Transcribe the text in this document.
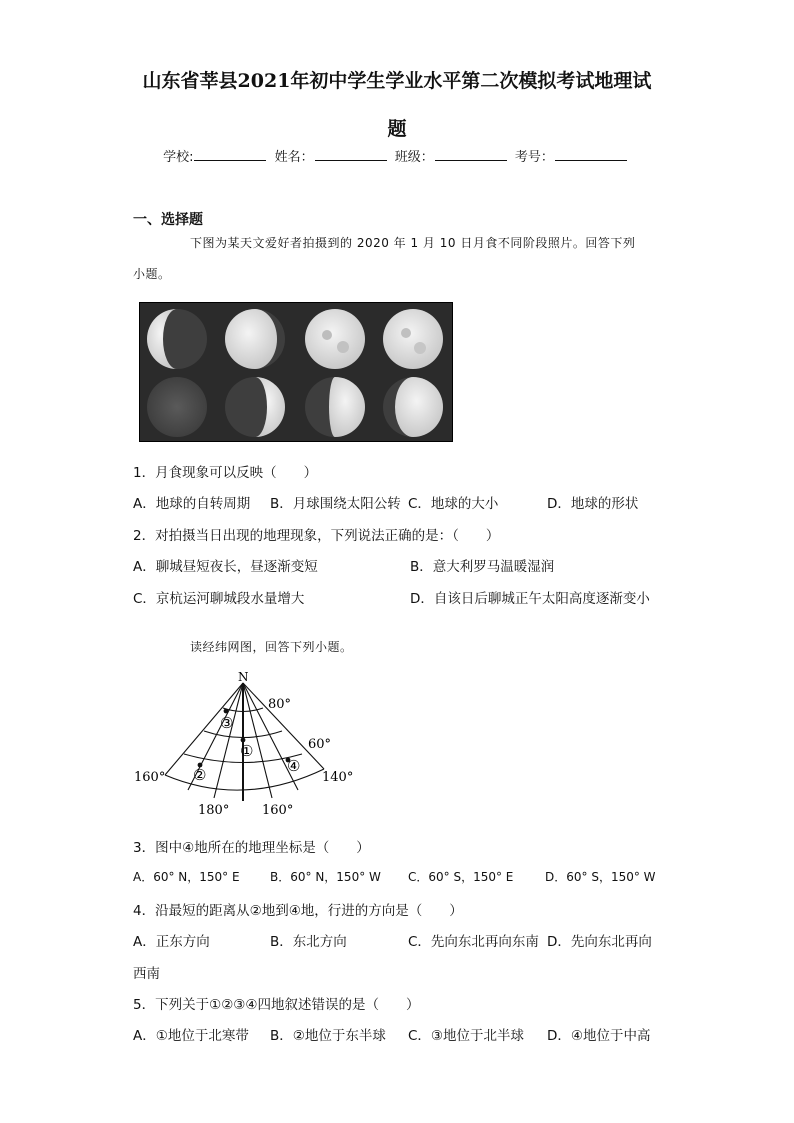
山东省莘县2021年初中学生学业水平第二次模拟考试地理试
题
学校:	姓名：	班级：	考号：
一、选择题
下图为某天文爱好者拍摄到的 2020 年 1 月 10 日月食不同阶段照片。回答下列
小题。
1．月食现象可以反映（　　）
A．地球的自转周期 B．月球围绕太阳公转 C．地球的大小	D．地球的形状
2．对拍摄当日出现的地理现象，下列说法正确的是：（　　）
A．聊城昼短夜长，昼逐渐变短	B．意大利罗马温暖湿润
C．京杭运河聊城段水量增大	D．自该日后聊城正午太阳高度逐渐变小
读经纬网图，回答下列小题。
N
80°
60°
160°
180°	160°
140°
①
②
③
④
3．图中④地所在的地理坐标是（　　）
A．60° N，150° E	B．60° N，150° W C．60° S，150° E	D．60° S，150° W
4．沿最短的距离从②地到④地，行进的方向是（　　）
A．正东方向	B．东北方向	C．先向东北再向东南 D．先向东北再向
西南
5．下列关于①②③④四地叙述错误的是（　　）
A．①地位于北寒带 B．②地位于东半球 C．③地位于北半球 D．④地位于中高
